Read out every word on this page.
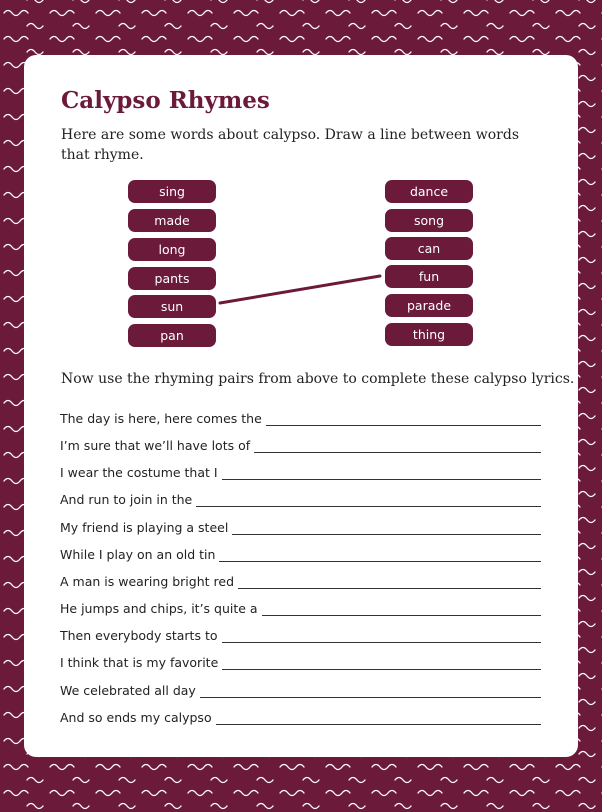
Calypso Rhymes

Here are some words about calypso. Draw a line between words that rhyme.

sing
made
long
pants
sun
pan
dance
song
can
fun
parade
thing

Now use the rhyming pairs from above to complete these calypso lyrics.

The day is here, here comes the
I’m sure that we’ll have lots of
I wear the costume that I
And run to join in the
My friend is playing a steel
While I play on an old tin
A man is wearing bright red
He jumps and chips, it’s quite a
Then everybody starts to
I think that is my favorite
We celebrated all day
And so ends my calypso
